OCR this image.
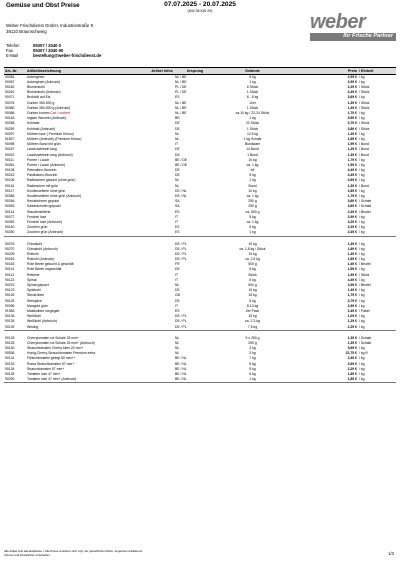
Gemüse und Obst Preise	07.07.2025 - 20.07.2025
(KW 28 KW 29)
Weber Frischdienst GmbH, Industriestraße 9
38110 Braunschweig
Telefon	05307 / 2040 0
Fax	05307 / 2040 90
E-Mail	bestellung@weber-frischdienst.de
weber
Ihr Frische Partner
Art.-Nr.	Artikelbezeichnung	Artikel Infos	Ursprung	Gebinde	Preis / Einheit
90084	Auberginen	NL / BE	5 kg	2,99 € / kg
90067	Auberginen (Anbruch)	NL / BE	1 kg	2,99 € / kg
90182	Blumenkohl	PL / DE	6 Stück	2,29 € / Stück
90261	Blumenkohl (Anbruch)	PL / DE	1 Stück	2,49 € / Stück
90071	Brokkoli auf Eis	ES	6 - 8 kg	3,69 € / kg
90078	Gurken 350-500 g	NL / BE	12er	1,39 € / Stück
90080	Gurken 350-500 g (Anbruch)	NL / BE	1 Stück	1,49 € / Stück
90086	Gurken krumm Cat. I sortiert	NL / BE	ca.10 kg / 22-24 Stück	1,79 € / kg
90146	Ingwer Wurzeln (Anbruch)	BR	1 kg	5,99 € / kg
90258	Kohlrabi	DE	20 Stück	0,79 € / Stück
90259	Kohlrabi (Anbruch)	DE	1 Stück	0,89 € / Stück
90097	Möhren lose ( Premium Kimco)	NL	12,5 kg	1,39 € / kg
91827	Möhren (Anbruch) (Premium Kimco)	NL	1 kg Schale	1,89 € / kg
90098	Möhren Bund mit grün	IT	Bundware	1,99 € / Bund
90187	Lauchzwiebeln lang	DE	14 Bund	1,29 € / Bund
90022	Lauchzwiebeln lang (Anbruch)	DE	1 Bund	1,39 € / Bund
90111	Porree / Lauch	BE / DE	10 kg	1,79 € / kg
90361	Porree / Lauch (Anbruch)	BE / DE	ca. 1 kg	1,99 € / kg
90108	Petersilien-Wurzeln	DE	b/f	4,49 € / kg
90242	Pastinaken-Wurzeln	DE	5 kg	4,49 € / kg
90106	Radieschen geputzt (ohne grün)	NL	1 kg	2,69 € / kg
90116	Radieschen mit grün	NL	Bund	1,39 € / Bund
90117	Knollensellerie ohne grün	DE / NL	10 kg	2,69 € / kg
90366	Knollensellerie ohne grün (Anbruch)	DE / NL	ca. 1 kg	1,79 € / kg
90246	Keniabohnen geputzt	SA	250 g	3,69 € / Schale
90063	Kaiserschoten geputzt	SA	250 g	3,69 € / Schale
90114	Staudensellerie	ES	ca. 500 g	2,49 € / Beutel
90077	Fenchel lose	IT	5 kg	2,99 € / kg
90052	Fenchel lose (Anbruch)	IT	ca. 1 kg	3,29 € / kg
90140	Zucchini grün	ES	5 kg	2,29 € / kg
90250	Zucchini grün (Anbruch)	ES	1 kg	2,49 € / kg
90076	Chinakohl	DE / PL	10 kg	1,49 € / kg
90270	Chinakohl (Anbruch)	DE / PL	ca. 1,8 kg / Stück	1,69 € / kg
90205	Rotkohl	DE / PL	15 kg	1,49 € / kg
90262	Rotkohl (Anbruch)	DE / PL	ca. 2,5 kg	1,69 € / kg
90163	Rote Beete gekocht & geschält	FR	500 g	1,49 € / Beutel
90114	Rote Beete ungeschält	DE	5 kg	1,59 € / kg
90113	Rettiche	IT	Stück	1,99 € / Stück
90122	Spinat	IT	5 kg	4,49 € / kg
90376	Spinat geputzt	NL	500 g	2,99 € / Beutel
90123	Spitzkohl	DE	10 kg	1,49 € / kg
90126	Steckrüben	GB	15 kg	1,79 € / kg
90125	Steinpilze	DE	5 kg	3,79 € / kg
90096	Mangold grün	IT	8-10 kg	2,99 € / kg
91983	Maiskolben vorgegart	ES	2er Pack	2,49 € / Paket
90136	Weißkohl	DE / PL	15 kg	1,09 € / kg
90128	Weißkohl (Anbruch)	DE / PL	ca. 2-3 kg	1,29 € / kg
90139	Wirsing	DE / PL	7,5 kg	2,29 € / kg
90128	Cherrytomaten rot Schale 25 mm+	NL	9 x 250 g	1,39 € / Schale
90128	Cherrytomaten rot Schale 25 mm+ (Anbruch)	NL	250 g	1,39 € / Schale
90130	Strauchtomaten Cherry klein 20 mm+	NL	3 kg	5,99 € / kg
90536	Honig-Cherry-Strauchtomaten Premium extra	NL	3 kg	22,75 € / kg !!!
90131	Fleischtomaten gelegt 80 mm++	BE / NL	7 kg	2,49 € / kg
90133	Roma Strauchtomaten 57 mm+	BE / NL	5 kg	2,69 € / kg
90134	Strauchtomaten 57 mm+	BE / NL	5 kg	2,29 € / kg
90135	Tomaten lose 47 mm+	BE / NL	6 kg	1,89 € / kg
90290	Tomaten lose 47 mm+ (Anbruch)	BE / NL	1 kg	1,89 € / kg
Alle Artikel sind Handelsklasse I. Alle Preise verstehen sich zzgl. der gesetzlichen MwSt., Angebote freibleibend.
Irrtümer und Druckfehler vorbehalten.	1/3
